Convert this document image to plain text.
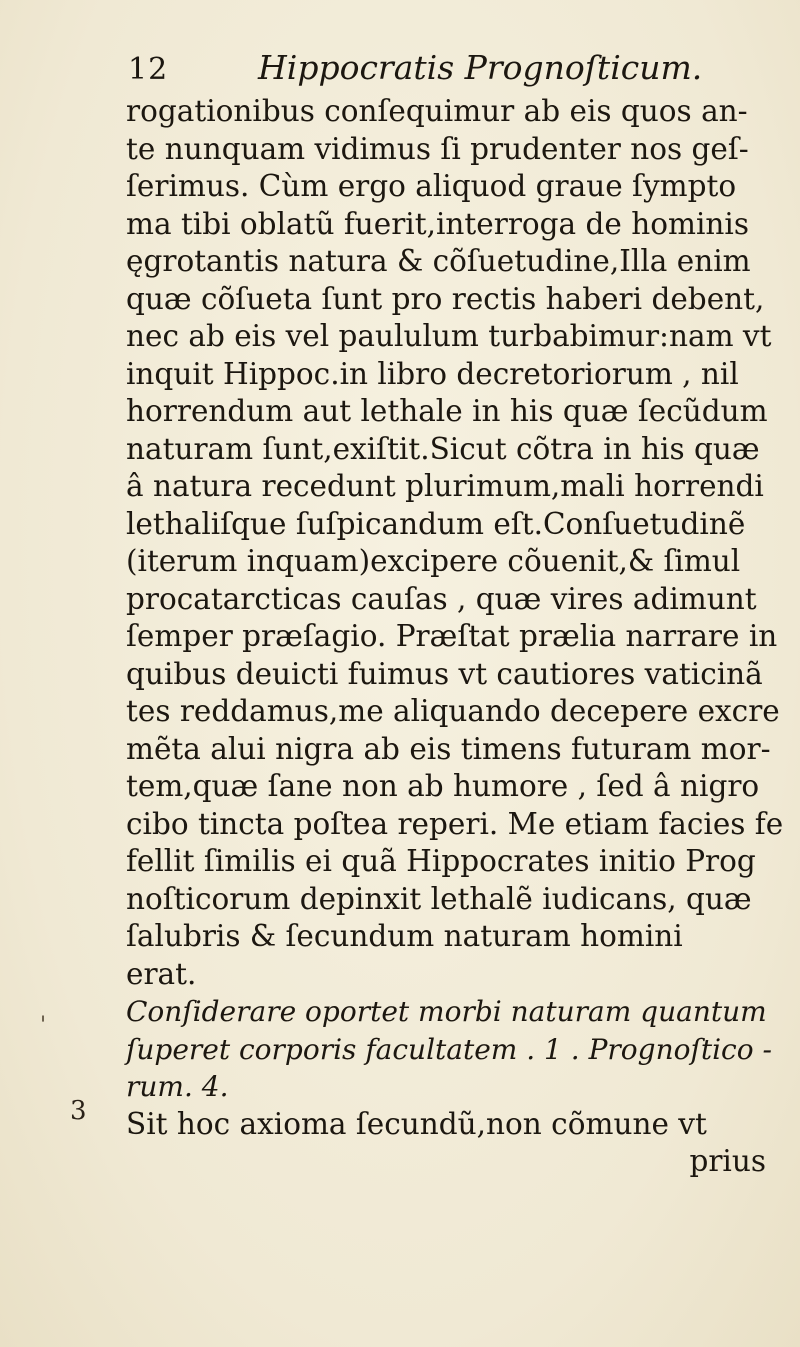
12	Hippocratis Prognoſticum.
rogationibus conſequimur ab eis quos an-
te nunquam vidimus ſi prudenter nos geſ-
ſerimus. Cùm ergo aliquod graue ſympto
ma tibi oblatũ fuerit,interroga de hominis
ęgrotantis natura & cõſuetudine,Illa enim
quæ cõſueta ſunt pro rectis haberi debent,
nec ab eis vel paululum turbabimur:nam vt
inquit Hippoc.in libro decretoriorum , nil
horrendum aut lethale in his quæ ſecũdum
naturam ſunt,exiſtit.Sicut cõtra in his quæ
â natura recedunt plurimum,mali horrendi
lethaliſque ſuſpicandum eſt.Conſuetudinẽ
(iterum inquam)excipere cõuenit,& ſimul
procatarcticas cauſas , quæ vires adimunt
ſemper præſagio. Præſtat prælia narrare in
quibus deuicti fuimus vt cautiores vaticinã
tes reddamus,me aliquando decepere excre
mẽta alui nigra ab eis timens futuram mor-
tem,quæ ſane non ab humore , ſed â nigro
cibo tincta poſtea reperi. Me etiam facies fe
fellit ſimilis ei quã Hippocrates initio Prog
noſticorum depinxit lethalẽ iudicans, quæ
ſalubris & ſecundum naturam homini
erat.
Conſiderare oportet morbi naturam quantum
ſuperet corporis facultatem . 1 . Prognoſtico -
rum. 4.
Sit hoc axioma ſecundũ,non cõmune vt
prius
3
'
